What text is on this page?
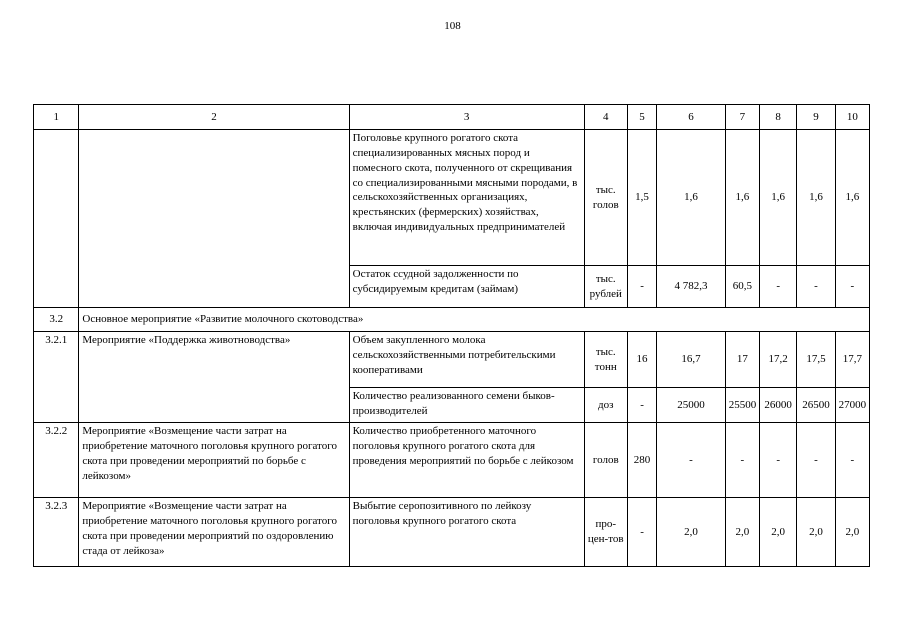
108
1	2	3	4	5	6	7	8	9	10
		Поголовье крупного рогатого скота специализированных мясных пород и помесного скота, полученного от скрещивания со специализированными мясными породами, в сельскохозяйственных организациях, крестьянских (фермерских) хозяйствах, включая индивидуальных предпринимателей	тыс. голов	1,5	1,6	1,6	1,6	1,6	1,6
		Остаток ссудной задолженности по субсидируемым кредитам (займам)	тыс. рублей	-	4 782,3	60,5	-	-	-
3.2	Основное мероприятие «Развитие молочного скотоводства»								
3.2.1	Мероприятие «Поддержка животноводства»	Объем закупленного молока сельскохозяйственными потребительскими кооперативами	тыс. тонн	16	16,7	17	17,2	17,5	17,7
		Количество реализованного семени быков-производителей	доз	-	25000	25500	26000	26500	27000
3.2.2	Мероприятие «Возмещение части затрат на приобретение маточного поголовья крупного рогатого скота при проведении мероприятий по борьбе с лейкозом»	Количество приобретенного маточного поголовья крупного рогатого скота для проведения мероприятий по борьбе с лейкозом	голов	280	-	-	-	-	-
3.2.3	Мероприятие «Возмещение части затрат на приобретение маточного поголовья крупного рогатого скота при проведении мероприятий по оздоровлению стада от лейкоза»	Выбытие серопозитивного по лейкозу поголовья крупного рогатого скота	про-цен-тов	-	2,0	2,0	2,0	2,0	2,0
